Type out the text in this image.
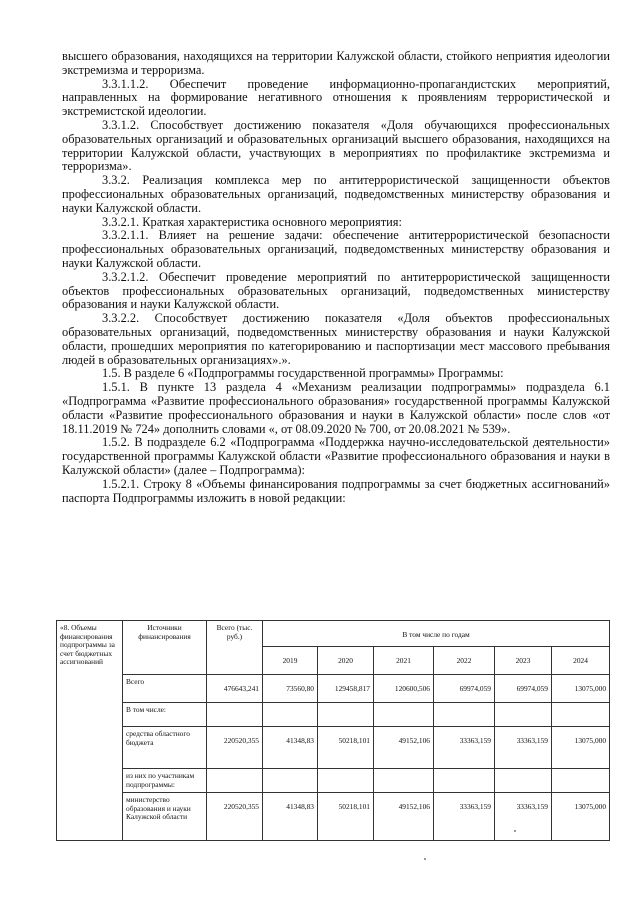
высшего образования, находящихся на территории Калужской области, стойкого неприятия идеологии экстремизма и терроризма.

3.3.1.1.2. Обеспечит проведение информационно-пропагандистских мероприятий, направленных на формирование негативного отношения к проявлениям террористической и экстремистской идеологии.

3.3.1.2. Способствует достижению показателя «Доля обучающихся профессиональных образовательных организаций и образовательных организаций высшего образования, находящихся на территории Калужской области, участвующих в мероприятиях по профилактике экстремизма и терроризма».

3.3.2. Реализация комплекса мер по антитеррористической защищенности объектов профессиональных образовательных организаций, подведомственных министерству образования и науки Калужской области.

3.3.2.1. Краткая характеристика основного мероприятия:

3.3.2.1.1. Влияет на решение задачи: обеспечение антитеррористической безопасности профессиональных образовательных организаций, подведомственных министерству образования и науки Калужской области.

3.3.2.1.2. Обеспечит проведение мероприятий по антитеррористической защищенности объектов профессиональных образовательных организаций, подведомственных министерству образования и науки Калужской области.

3.3.2.2. Способствует достижению показателя «Доля объектов профессиональных образовательных организаций, подведомственных министерству образования и науки Калужской области, прошедших мероприятия по категорированию и паспортизации мест массового пребывания людей в образовательных организациях».».

1.5. В разделе 6 «Подпрограммы государственной программы» Программы:

1.5.1. В пункте 13 раздела 4 «Механизм реализации подпрограммы» подраздела 6.1 «Подпрограмма «Развитие профессионального образования» государственной программы Калужской области «Развитие профессионального образования и науки в Калужской области» после слов «от 18.11.2019 № 724» дополнить словами «, от 08.09.2020 № 700, от 20.08.2021 № 539».

1.5.2. В подразделе 6.2 «Подпрограмма «Поддержка научно-исследовательской деятельности» государственной программы Калужской области «Развитие профессионального образования и науки в Калужской области» (далее – Подпрограмма):

1.5.2.1. Строку 8 «Объемы финансирования подпрограммы за счет бюджетных ассигнований» паспорта Подпрограммы изложить в новой редакции:

«8. Объемы финансирования подпрограммы за счет бюджетных ассигнований	Источники финансирования	Всего (тыс. руб.)	В том числе по годам					
			2019	2020	2021	2022	2023	2024
	Всего	476643,241	73560,80	129458,817	120600,506	69974,059	69974,059	13075,000
	В том числе:							
	средства областного бюджета	220520,355	41348,83	50218,101	49152,106	33363,159	33363,159	13075,000
	из них по участникам подпрограммы:							
	министерство образования и науки Калужской области	220520,355	41348,83	50218,101	49152,106	33363,159	33363,159	13075,000
